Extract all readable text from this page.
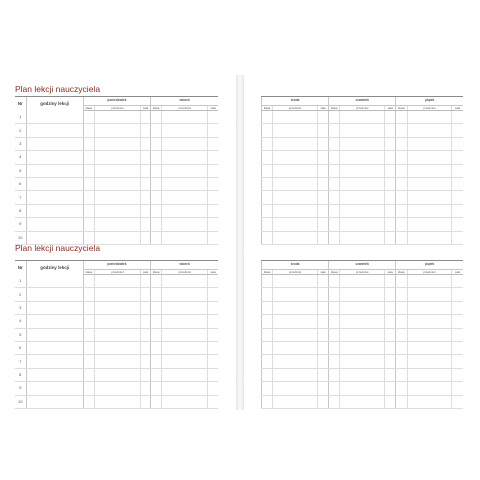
Plan lekcji nauczyciela
Nr	godziny lekcji	poniedziałek			wtorek		
		klasa	przedmiot	sala	klasa	przedmiot	sala
1							
2							
3							
4							
5							
6							
7							
8							
9							
10							
Plan lekcji nauczyciela
Nr	godziny lekcji	poniedziałek			wtorek		
		klasa	przedmiot	sala	klasa	przedmiot	sala
1							
2							
3							
4							
5							
6							
7							
8							
9							
10							
środa			czwartek			piątek		
klasa	przedmiot	sala	klasa	przedmiot	sala	klasa	przedmiot	sala

środa			czwartek			piątek		
klasa	przedmiot	sala	klasa	przedmiot	sala	klasa	przedmiot	sala
